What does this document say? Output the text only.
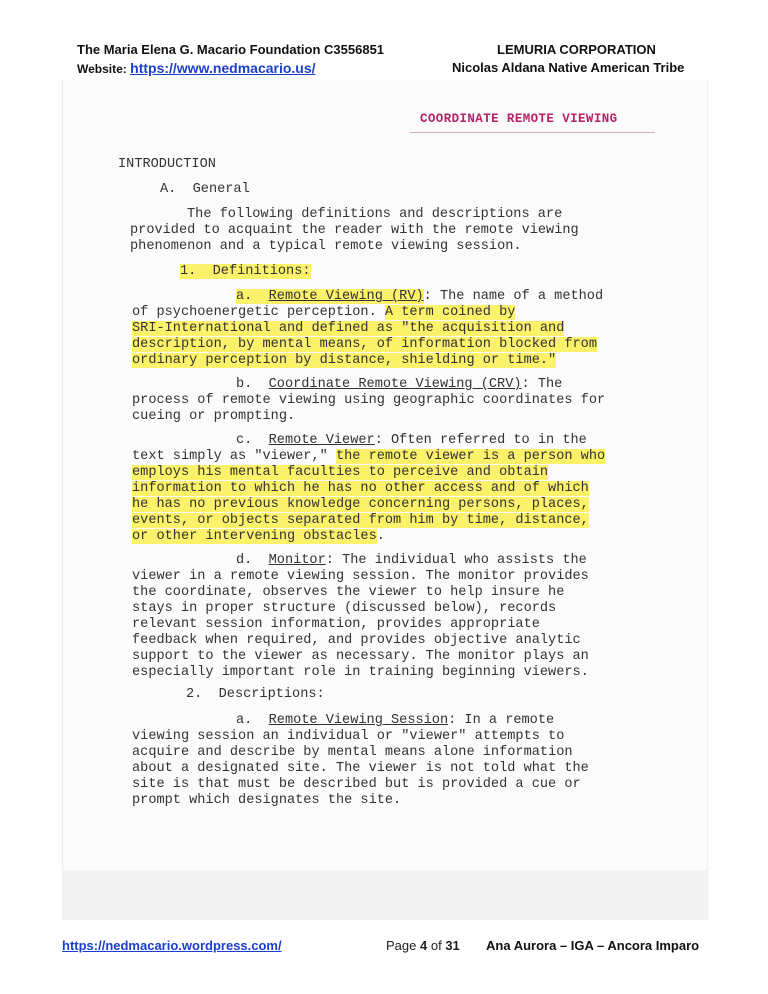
The Maria Elena G. Macario Foundation C3556851
Website: https://www.nedmacario.us/
LEMURIA CORPORATION
Nicolas Aldana Native American Tribe
COORDINATE REMOTE VIEWING
INTRODUCTION
A.  General
The following definitions and descriptions are
provided to acquaint the reader with the remote viewing
phenomenon and a typical remote viewing session.
1.  Definitions:
a.  Remote Viewing (RV): The name of a method
of psychoenergetic perception. A term coined by
SRI-International and defined as "the acquisition and
description, by mental means, of information blocked from
ordinary perception by distance, shielding or time."
b.  Coordinate Remote Viewing (CRV): The
process of remote viewing using geographic coordinates for
cueing or prompting.
c.  Remote Viewer: Often referred to in the
text simply as "viewer," the remote viewer is a person who
employs his mental faculties to perceive and obtain
information to which he has no other access and of which
he has no previous knowledge concerning persons, places,
events, or objects separated from him by time, distance,
or other intervening obstacles.
d.  Monitor: The individual who assists the
viewer in a remote viewing session. The monitor provides
the coordinate, observes the viewer to help insure he
stays in proper structure (discussed below), records
relevant session information, provides appropriate
feedback when required, and provides objective analytic
support to the viewer as necessary. The monitor plays an
especially important role in training beginning viewers.
2.  Descriptions:
a.  Remote Viewing Session: In a remote
viewing session an individual or "viewer" attempts to
acquire and describe by mental means alone information
about a designated site. The viewer is not told what the
site is that must be described but is provided a cue or
prompt which designates the site.
https://nedmacario.wordpress.com/	Page 4 of 31 Ana Aurora – IGA – Ancora Imparo
